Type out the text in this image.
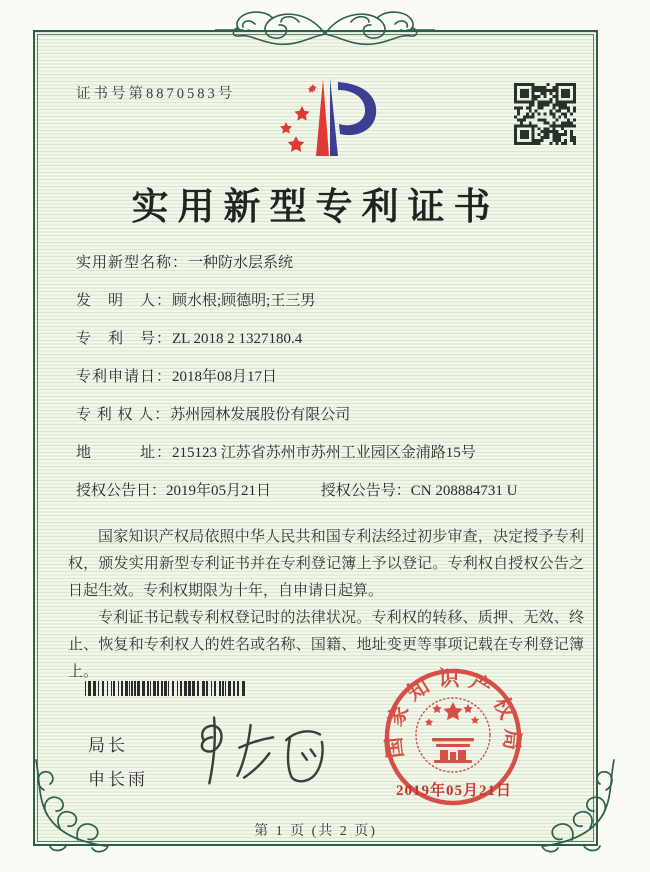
证书号第8870583号
实用新型专利证书
实用新型名称：一种防水层系统
发　明　人：顾水根;顾德明;王三男
专　利　号：ZL 2018 2 1327180.4
专利申请日：2018年08月17日
专 利 权 人：苏州园林发展股份有限公司
地　　　址：215123 江苏省苏州市苏州工业园区金浦路15号
授权公告日：2019年05月21日	授权公告号：CN 208884731 U

国家知识产权局依照中华人民共和国专利法经过初步审查，决定授予专利权，颁发实用新型专利证书并在专利登记簿上予以登记。专利权自授权公告之日起生效。专利权期限为十年，自申请日起算。

专利证书记载专利权登记时的法律状况。专利权的转移、质押、无效、终止、恢复和专利权人的姓名或名称、国籍、地址变更等事项记载在专利登记簿上。

局长
申长雨
国家知识产权局
2019年05月21日
第 1 页 (共 2 页)
